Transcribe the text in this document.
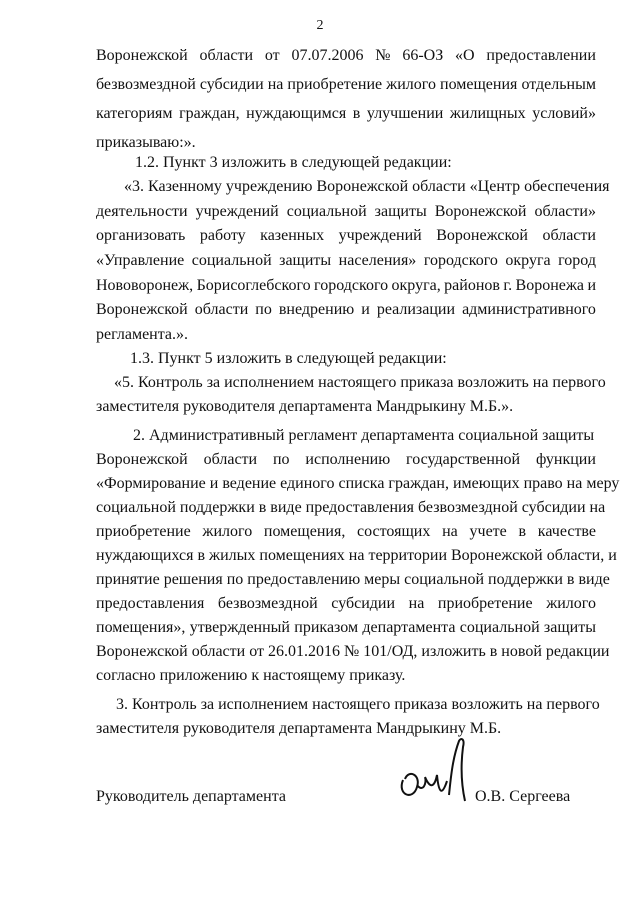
2
Воронежской области от 07.07.2006 № 66-ОЗ «О предоставлении
безвозмездной субсидии на приобретение жилого помещения отдельным
категориям граждан, нуждающимся в улучшении жилищных условий»
приказываю:».
1.2. Пункт 3 изложить в следующей редакции:
«3. Казенному учреждению Воронежской области «Центр обеспечения
деятельности учреждений социальной защиты Воронежской области»
организовать работу казенных учреждений Воронежской области
«Управление социальной защиты населения» городского округа город
Нововоронеж, Борисоглебского городского округа, районов г. Воронежа и
Воронежской области по внедрению и реализации административного
регламента.».
1.3. Пункт 5 изложить в следующей редакции:
«5. Контроль за исполнением настоящего приказа возложить на первого
заместителя руководителя департамента Мандрыкину М.Б.».
2. Административный регламент департамента социальной защиты
Воронежской области по исполнению государственной функции
«Формирование и ведение единого списка граждан, имеющих право на меру
социальной поддержки в виде предоставления безвозмездной субсидии на
приобретение жилого помещения, состоящих на учете в качестве
нуждающихся в жилых помещениях на территории Воронежской области, и
принятие решения по предоставлению меры социальной поддержки в виде
предоставления безвозмездной субсидии на приобретение жилого
помещения», утвержденный приказом департамента социальной защиты
Воронежской области от 26.01.2016 № 101/ОД, изложить в новой редакции
согласно приложению к настоящему приказу.
3. Контроль за исполнением настоящего приказа возложить на первого
заместителя руководителя департамента Мандрыкину М.Б.
Руководитель департамента	О.В. Сергеева
